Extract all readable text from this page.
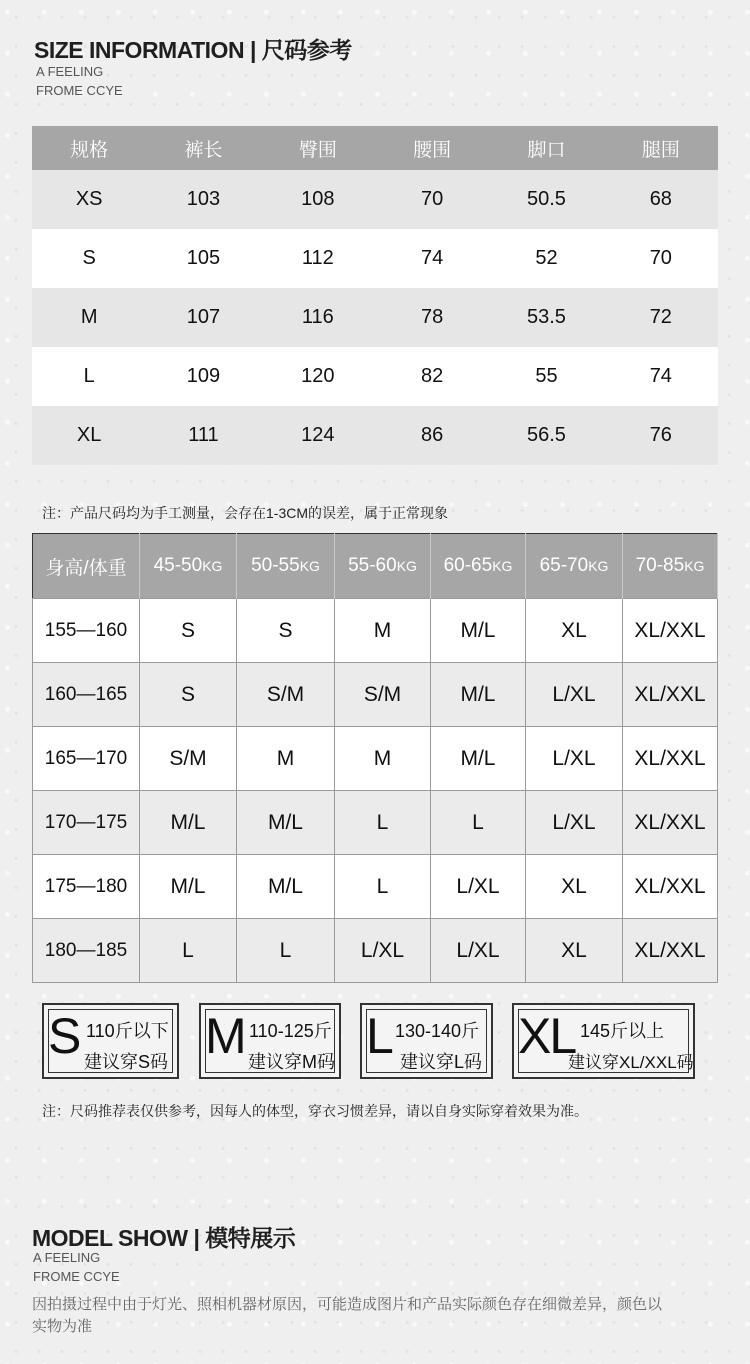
SIZE INFORMATION | 尺码参考
A FEELING
FROME CCYE
规格	裤长	臀围	腰围	脚口	腿围
XS	103	108	70	50.5	68
S	105	112	74	52	70
M	107	116	78	53.5	72
L	109	120	82	55	74
XL	111	124	86	56.5	76
注：产品尺码均为手工测量，会存在1-3CM的误差，属于正常现象
身高/体重	45-50KG	50-55KG	55-60KG	60-65KG	65-70KG	70-85KG
155—160	S	S	M	M/L	XL	XL/XXL
160—165	S	S/M	S/M	M/L	L/XL	XL/XXL
165—170	S/M	M	M	M/L	L/XL	XL/XXL
170—175	M/L	M/L	L	L	L/XL	XL/XXL
175—180	M/L	M/L	L	L/XL	XL	XL/XXL
180—185	L	L	L/XL	L/XL	XL	XL/XXL
S 110斤以下
建议穿S码 M 110-125斤
建议穿M码 L 130-140斤
建议穿L码 XL 145斤以上
建议穿XL/XXL码
注：尺码推荐表仅供参考，因每人的体型，穿衣习惯差异，请以自身实际穿着效果为准。
MODEL SHOW | 模特展示
A FEELING
FROME CCYE
因拍摄过程中由于灯光、照相机器材原因，可能造成图片和产品实际颜色存在细微差异，颜色以
实物为准
